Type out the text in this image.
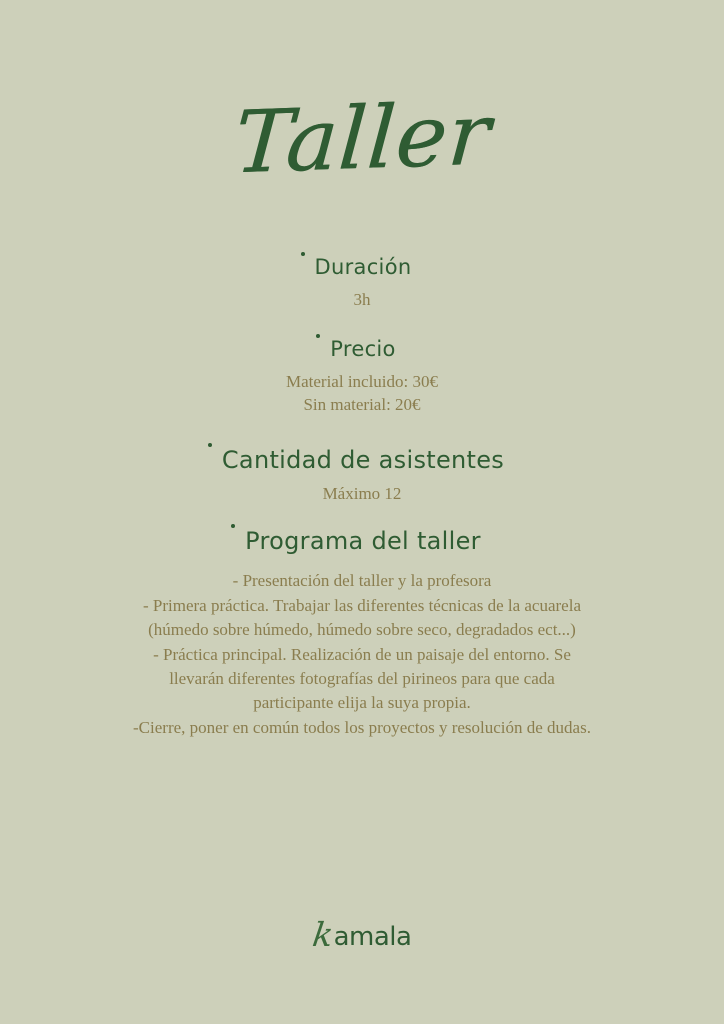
Taller
Duración
3h
Precio
Material incluido: 30€
Sin material: 20€
Cantidad de asistentes
Máximo 12
Programa del taller

- Presentación del taller y la profesora

- Primera práctica. Trabajar las diferentes técnicas de la acuarela (húmedo sobre húmedo, húmedo sobre seco, degradados ect...)

- Práctica principal. Realización de un paisaje del entorno. Se llevarán diferentes fotografías del pirineos para que cada participante elija la suya propia.

-Cierre, poner en común todos los proyectos y resolución de dudas.

k
amala
